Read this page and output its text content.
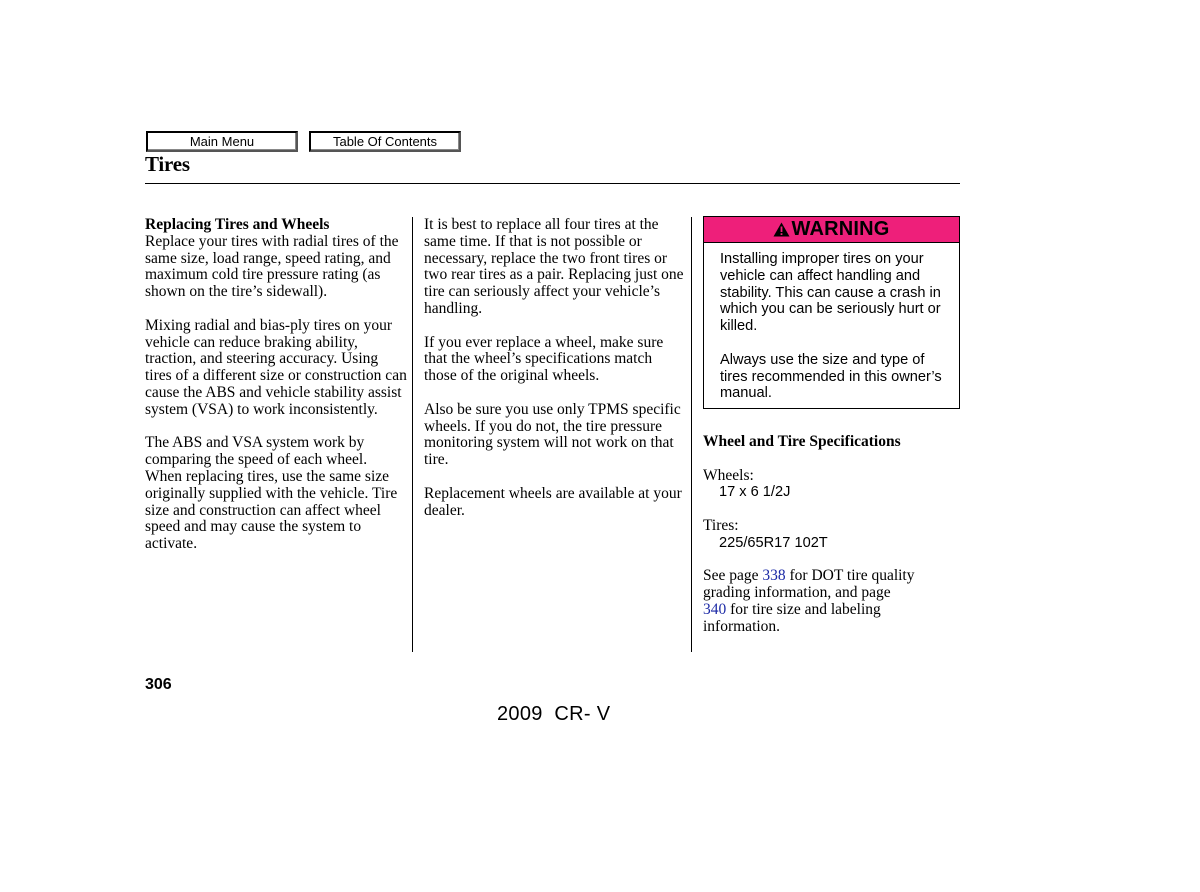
Main Menu	Table Of Contents
Tires

Replacing Tires and Wheels
Replace your tires with radial tires of the same size, load range, speed rating, and maximum cold tire pressure rating (as shown on the tire’s sidewall).

Mixing radial and bias-ply tires on your vehicle can reduce braking ability, traction, and steering accuracy. Using tires of a different size or construction can cause the ABS and vehicle stability assist system (VSA) to work inconsistently.

The ABS and VSA system work by comparing the speed of each wheel. When replacing tires, use the same size originally supplied with the vehicle. Tire size and construction can affect wheel speed and may cause the system to activate.

It is best to replace all four tires at the same time. If that is not possible or necessary, replace the two front tires or two rear tires as a pair. Replacing just one tire can seriously affect your vehicle’s handling.

If you ever replace a wheel, make sure that the wheel’s specifications match those of the original wheels.

Also be sure you use only TPMS specific wheels. If you do not, the tire pressure monitoring system will not work on that tire.

Replacement wheels are available at your dealer.

WARNING

Installing improper tires on your vehicle can affect handling and stability. This can cause a crash in which you can be seriously hurt or killed.

Always use the size and type of tires recommended in this owner’s manual.

Wheel and Tire Specifications

Wheels:
17 x 6 1/2J

Tires:
225/65R17 102T

See page 338 for DOT tire quality grading information, and page
340 for tire size and labeling information.

306
2009  CR- V
